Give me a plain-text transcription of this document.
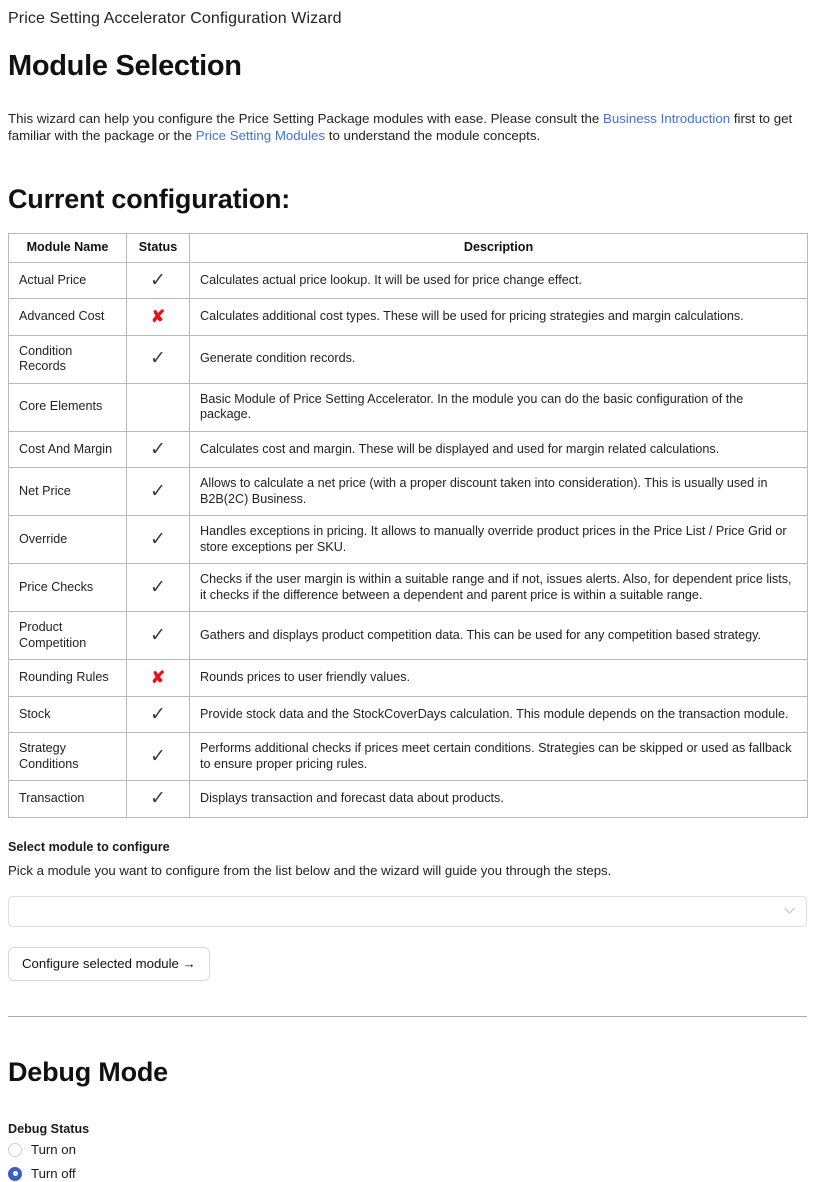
Price Setting Accelerator Configuration Wizard
Module Selection

This wizard can help you configure the Price Setting Package modules with ease. Please consult the Business Introduction first to get familiar with the package or the Price Setting Modules to understand the module concepts.

Current configuration:
Module Name	Status	Description
Actual Price	✓	Calculates actual price lookup. It will be used for price change effect.
Advanced Cost	✘	Calculates additional cost types. These will be used for pricing strategies and margin calculations.
Condition Records	✓	Generate condition records.
Core Elements		Basic Module of Price Setting Accelerator. In the module you can do the basic configuration of the package.
Cost And Margin	✓	Calculates cost and margin. These will be displayed and used for margin related calculations.
Net Price	✓	Allows to calculate a net price (with a proper discount taken into consideration). This is usually used in B2B(2C) Business.
Override	✓	Handles exceptions in pricing. It allows to manually override product prices in the Price List / Price Grid or store exceptions per SKU.
Price Checks	✓	Checks if the user margin is within a suitable range and if not, issues alerts. Also, for dependent price lists, it checks if the difference between a dependent and parent price is within a suitable range.
Product Competition	✓	Gathers and displays product competition data. This can be used for any competition based strategy.
Rounding Rules	✘	Rounds prices to user friendly values.
Stock	✓	Provide stock data and the StockCoverDays calculation. This module depends on the transaction module.
Strategy Conditions	✓	Performs additional checks if prices meet certain conditions. Strategies can be skipped or used as fallback to ensure proper pricing rules.
Transaction	✓	Displays transaction and forecast data about products.
Select module to configure
Pick a module you want to configure from the list below and the wizard will guide you through the steps.
Configure selected module →
Debug Mode
Debug Status
Turn on
Turn off
